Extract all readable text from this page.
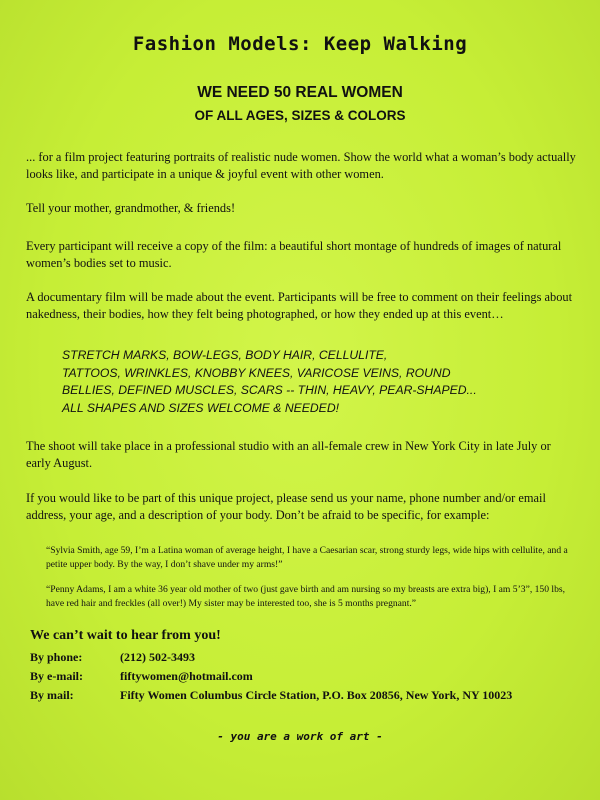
Fashion Models: Keep Walking
WE NEED 50 REAL WOMEN
OF ALL AGES, SIZES & COLORS

... for a film project featuring portraits of realistic nude women. Show the world what a woman’s body actually looks like, and participate in a unique & joyful event with other women.

Tell your mother, grandmother, & friends!

Every participant will receive a copy of the film: a beautiful short montage of hundreds of images of natural women’s bodies set to music.

A documentary film will be made about the event. Participants will be free to comment on their feelings about nakedness, their bodies, how they felt being photographed, or how they ended up at this event…

STRETCH MARKS, BOW-LEGS, BODY HAIR, CELLULITE,
TATTOOS, WRINKLES, KNOBBY KNEES, VARICOSE VEINS, ROUND
BELLIES, DEFINED MUSCLES, SCARS -- THIN, HEAVY, PEAR-SHAPED...
ALL SHAPES AND SIZES WELCOME & NEEDED!

The shoot will take place in a professional studio with an all-female crew in New York City in late July or early August.

If you would like to be part of this unique project, please send us your name, phone number and/or email address, your age, and a description of your body. Don’t be afraid to be specific, for example:

“Sylvia Smith, age 59, I’m a Latina woman of average height, I have a Caesarian scar, strong sturdy legs, wide hips with cellulite, and a petite upper body. By the way, I don’t shave under my arms!”

“Penny Adams, I am a white 36 year old mother of two (just gave birth and am nursing so my breasts are extra big), I am 5’3”, 150 lbs, have red hair and freckles (all over!) My sister may be interested too, she is 5 months pregnant.”

We can’t wait to hear from you!

By phone:	(212) 502-3493
By e-mail:	fiftywomen@hotmail.com
By mail:	Fifty Women Columbus Circle Station, P.O. Box 20856, New York, NY 10023

- you are a work of art -
